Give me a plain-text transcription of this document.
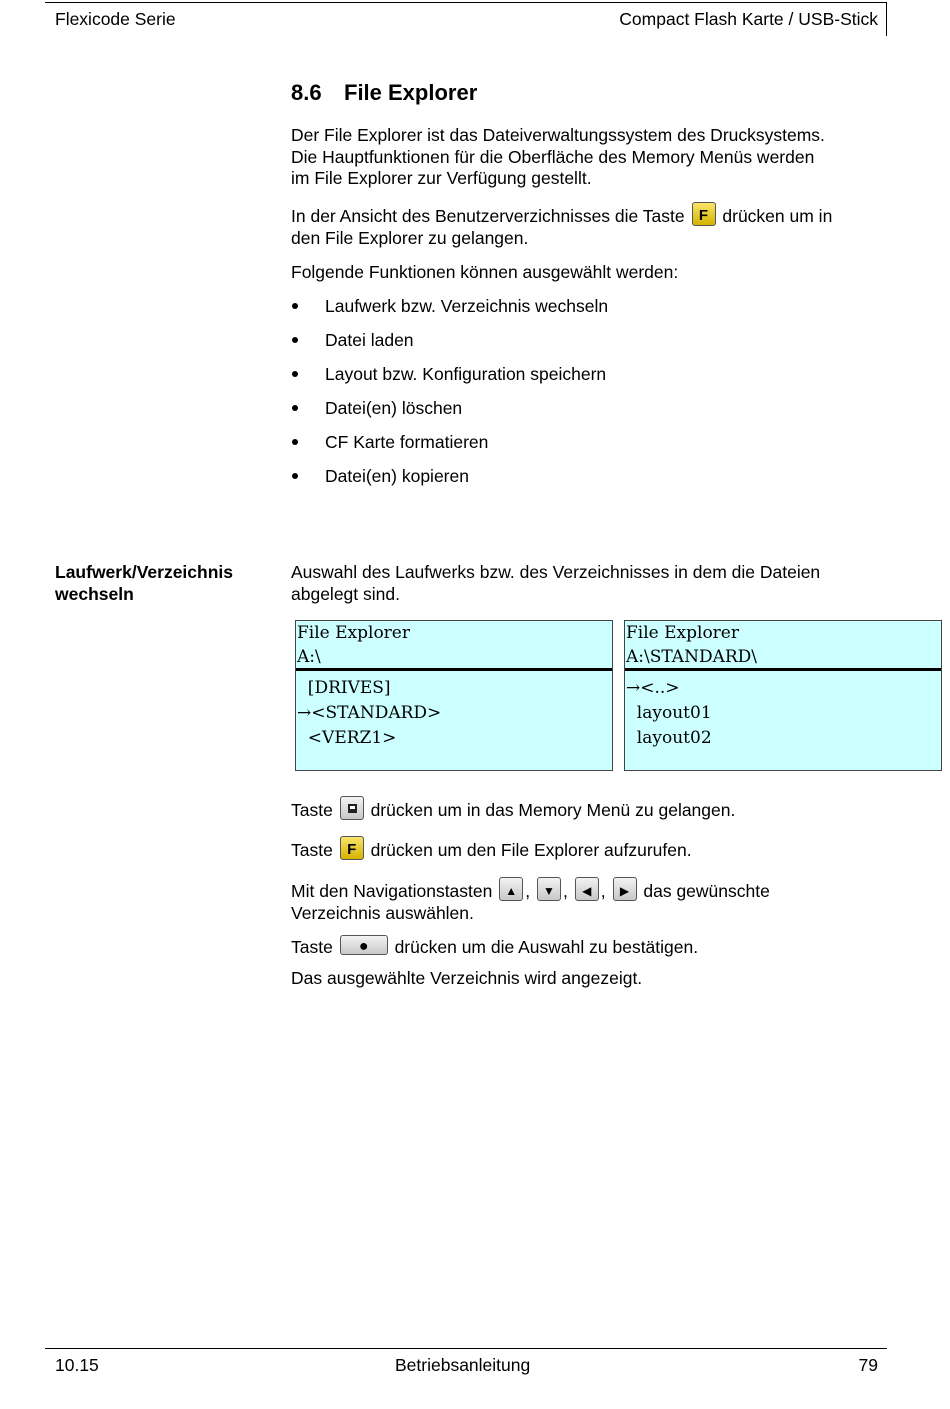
Flexicode Serie	Compact Flash Karte / USB-Stick
8.6 File Explorer
Der File Explorer ist das Dateiverwaltungssystem des Drucksystems.
Die Hauptfunktionen für die Oberfläche des Memory Menüs werden
im File Explorer zur Verfügung gestellt.
In der Ansicht des Benutzerverzichnisses die Taste F drücken um in
den File Explorer zu gelangen.
Folgende Funktionen können ausgewählt werden:
Laufwerk bzw. Verzeichnis wechseln
Datei laden
Layout bzw. Konfiguration speichern
Datei(en) löschen
CF Karte formatieren
Datei(en) kopieren
Laufwerk/Verzeichnis
wechseln
Auswahl des Laufwerks bzw. des Verzeichnisses in dem die Dateien
abgelegt sind.
File Explorer
A:\
[DRIVES]
→<STANDARD>
<VERZ1>
File Explorer
A:\STANDARD\
→<..>
layout01
layout02
Taste drücken um in das Memory Menü zu gelangen.
Taste F drücken um den File Explorer aufzurufen.
Mit den Navigationstasten	▲ ,	▼ ,	◀ ,	▶ das gewünschte
Verzeichnis auswählen.
Taste	●	drücken um die Auswahl zu bestätigen.
Das ausgewählte Verzeichnis wird angezeigt.
10.15	Betriebsanleitung	79
